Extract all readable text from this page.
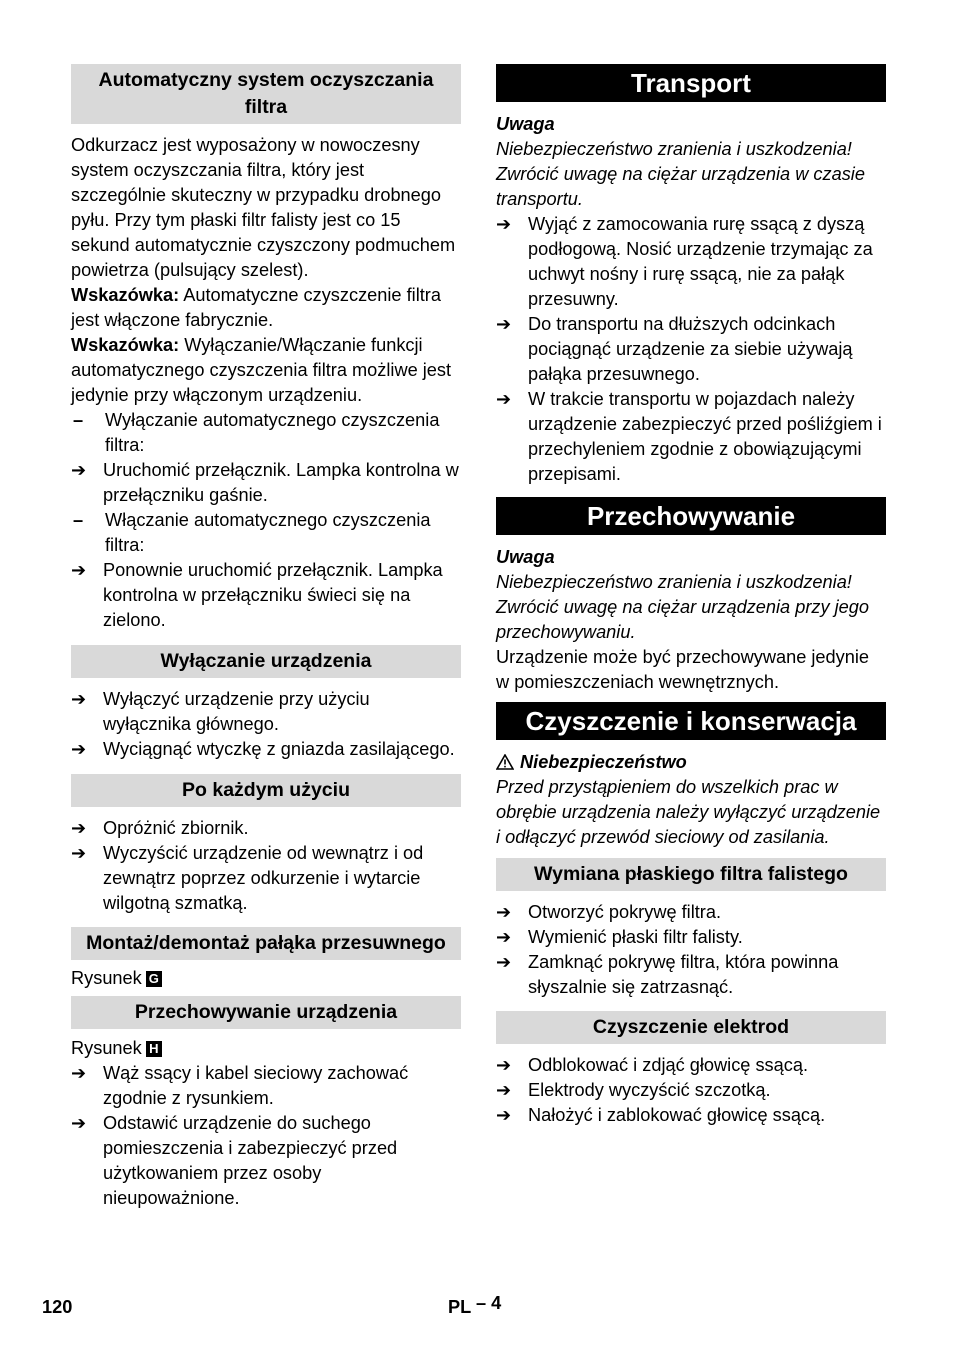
Automatyczny system oczyszczania filtra

Odkurzacz jest wyposażony w nowoczesny system oczyszczania filtra, który jest szczególnie skuteczny w przypadku drobnego pyłu. Przy tym płaski filtr falisty jest co 15 sekund automatycznie czyszczony podmuchem powietrza (pulsujący szelest).

Wskazówka: Automatyczne czyszczenie filtra jest włączone fabrycznie.

Wskazówka: Wyłączanie/Włączanie funkcji automatycznego czyszczenia filtra możliwe jest jedynie przy włączonym urządzeniu.

–	Wyłączanie automatycznego czyszczenia filtra:
➔ Uruchomić przełącznik. Lampka kontrolna w przełączniku gaśnie.
–	Włączanie automatycznego czyszczenia filtra:
➔ Ponownie uruchomić przełącznik. Lampka kontrolna w przełączniku świeci się na zielono.
Wyłączanie urządzenia
➔ Wyłączyć urządzenie przy użyciu wyłącznika głównego.
➔ Wyciągnąć wtyczkę z gniazda zasilającego.
Po każdym użyciu
➔ Opróżnić zbiornik.
➔ Wyczyścić urządzenie od wewnątrz i od zewnątrz poprzez odkurzenie i wytarcie wilgotną szmatką.
Montaż/demontaż pałąka przesuwnego

Rysunek G

Przechowywanie urządzenia

Rysunek H

➔ Wąż ssący i kabel sieciowy zachować zgodnie z rysunkiem.
➔ Odstawić urządzenie do suchego pomieszczenia i zabezpieczyć przed użytkowaniem przez osoby nieupoważnione.
Transport
Uwaga

Niebezpieczeństwo zranienia i uszkodzenia! Zwrócić uwagę na ciężar urządzenia w czasie transportu.

➔ Wyjąć z zamocowania rurę ssącą z dyszą podłogową. Nosić urządzenie trzymając za uchwyt nośny i rurę ssącą, nie za pałąk przesuwny.
➔ Do transportu na dłuższych odcinkach pociągnąć urządzenie za siebie używają pałąka przesuwnego.
➔ W trakcie transportu w pojazdach należy urządzenie zabezpieczyć przed pośliźgiem i przechyleniem zgodnie z obowiązującymi przepisami.
Przechowywanie
Uwaga

Niebezpieczeństwo zranienia i uszkodzenia! Zwrócić uwagę na ciężar urządzenia przy jego przechowywaniu.

Urządzenie może być przechowywane jedynie w pomieszczeniach wewnętrznych.

Czyszczenie i konserwacja
Niebezpieczeństwo

Przed przystąpieniem do wszelkich prac w obrębie urządzenia należy wyłączyć urządzenie i odłączyć przewód sieciowy od zasilania.

Wymiana płaskiego filtra falistego
➔ Otworzyć pokrywę filtra.
➔ Wymienić płaski filtr falisty.
➔ Zamknąć pokrywę filtra, która powinna słyszalnie się zatrzasnąć.
Czyszczenie elektrod
➔ Odblokować i zdjąć głowicę ssącą.
➔ Elektrody wyczyścić szczotką.
➔ Nałożyć i zablokować głowicę ssącą.
120	PL – 4
